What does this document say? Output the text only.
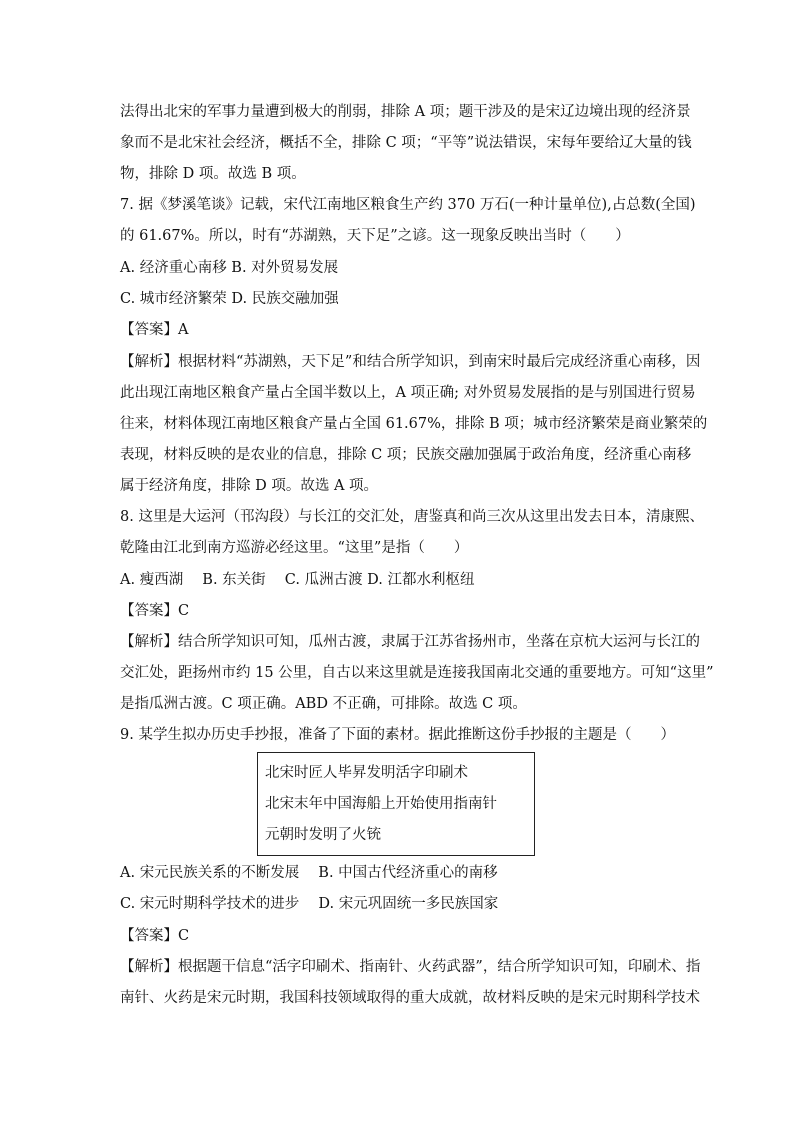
法得出北宋的军事力量遭到极大的削弱，排除 A 项；题干涉及的是宋辽边境出现的经济景
象而不是北宋社会经济，概括不全，排除 C 项；“平等”说法错误，宋每年要给辽大量的钱
物，排除 D 项。故选 B 项。
7. 据《梦溪笔谈》记载，宋代江南地区粮食生产约 370 万石(一种计量单位),占总数(全国)
的 61.67%。所以，时有“苏湖熟，天下足”之谚。这一现象反映出当时（　　）
A. 经济重心南移 B. 对外贸易发展
C. 城市经济繁荣 D. 民族交融加强
【答案】A
【解析】根据材料“苏湖熟，天下足”和结合所学知识，到南宋时最后完成经济重心南移，因
此出现江南地区粮食产量占全国半数以上，A 项正确; 对外贸易发展指的是与别国进行贸易
往来，材料体现江南地区粮食产量占全国 61.67%，排除 B 项；城市经济繁荣是商业繁荣的
表现，材料反映的是农业的信息，排除 C 项；民族交融加强属于政治角度，经济重心南移
属于经济角度，排除 D 项。故选 A 项。
8. 这里是大运河（邗沟段）与长江的交汇处，唐鉴真和尚三次从这里出发去日本，清康熙、
乾隆由江北到南方巡游必经这里。“这里”是指（　　）
A. 瘦西湖　 B. 东关街　 C. 瓜洲古渡 D. 江都水利枢纽
【答案】C
【解析】结合所学知识可知，瓜州古渡，隶属于江苏省扬州市，坐落在京杭大运河与长江的
交汇处，距扬州市约 15 公里，自古以来这里就是连接我国南北交通的重要地方。可知“这里”
是指瓜洲古渡。C 项正确。ABD 不正确，可排除。故选 C 项。
9. 某学生拟办历史手抄报，准备了下面的素材。据此推断这份手抄报的主题是（　　）
北宋时匠人毕昇发明活字印刷术
北宋末年中国海船上开始使用指南针
元朝时发明了火铳
A. 宋元民族关系的不断发展　 B. 中国古代经济重心的南移
C. 宋元时期科学技术的进步　 D. 宋元巩固统一多民族国家
【答案】C
【解析】根据题干信息“活字印刷术、指南针、火药武器”，结合所学知识可知，印刷术、指
南针、火药是宋元时期，我国科技领域取得的重大成就，故材料反映的是宋元时期科学技术
